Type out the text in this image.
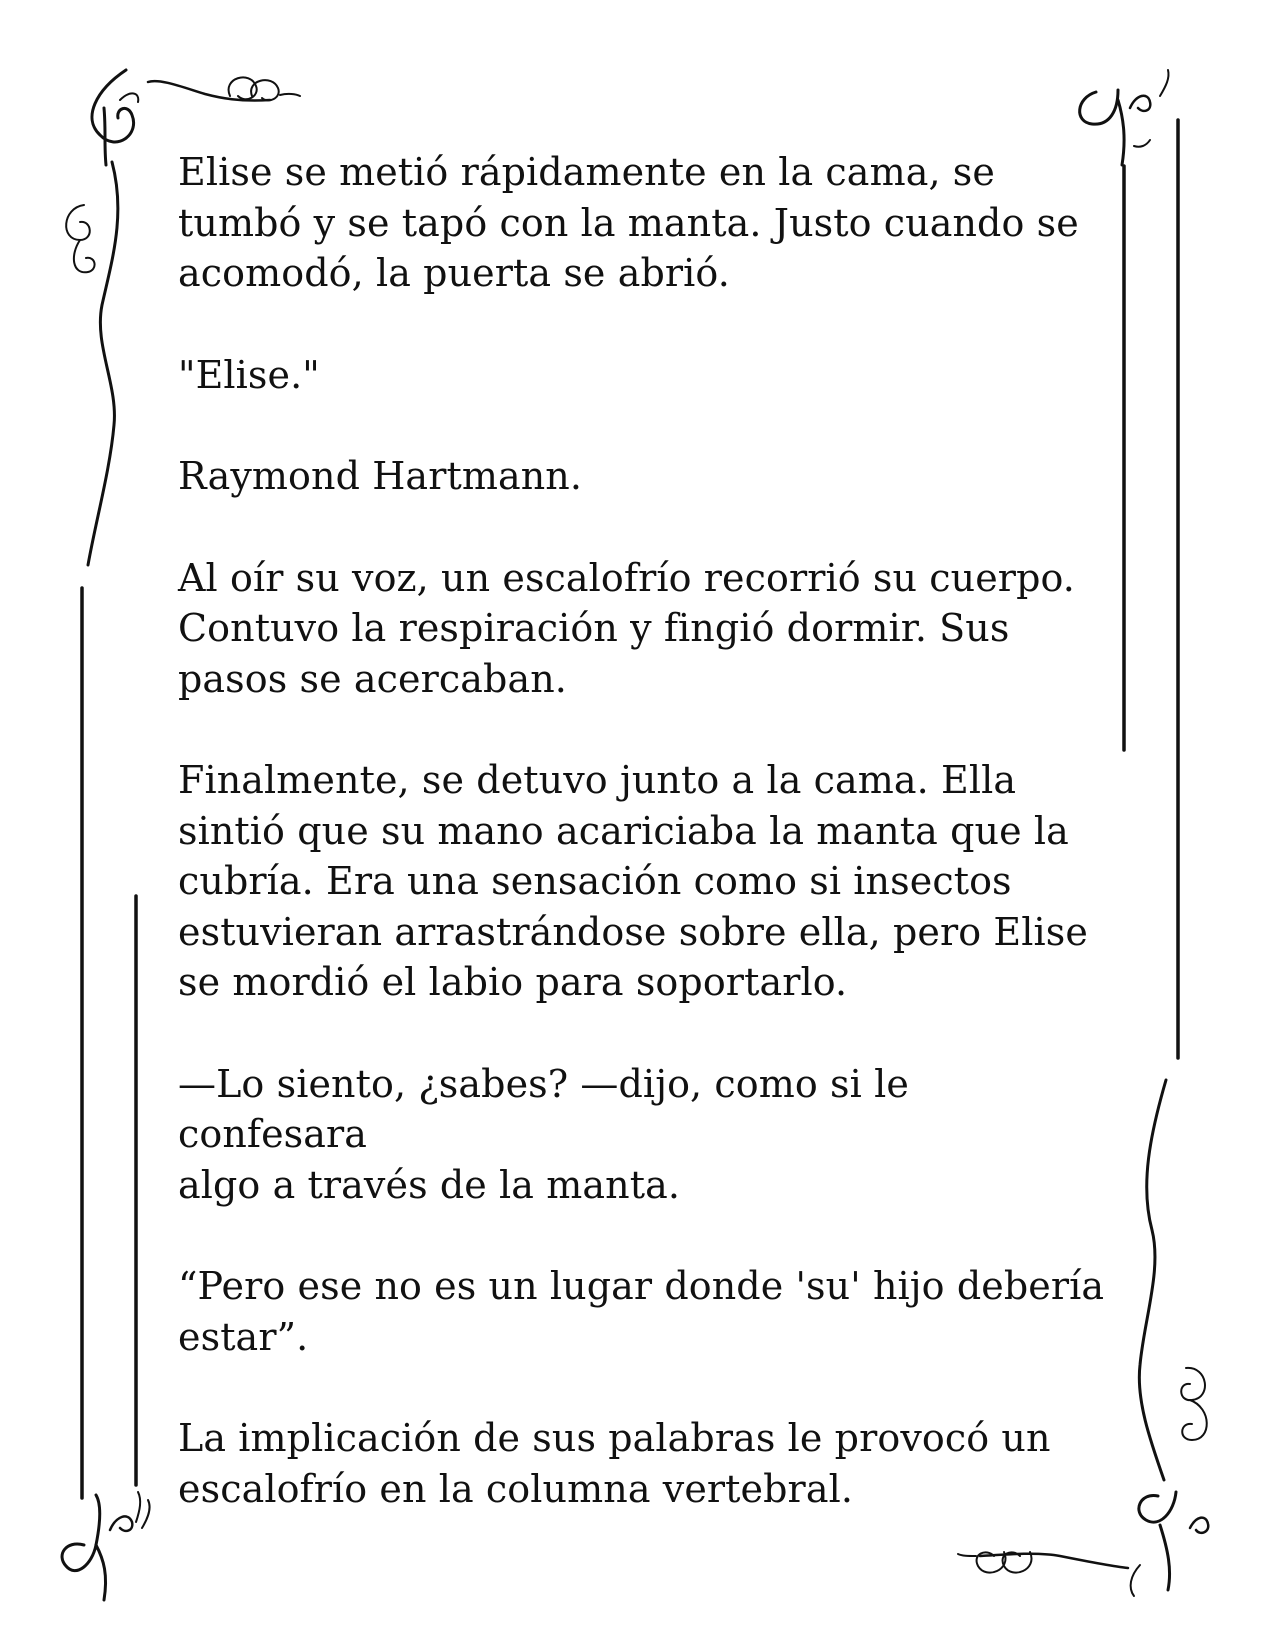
Elise se metió rápidamente en la cama, se
tumbó y se tapó con la manta. Justo cuando se
acomodó, la puerta se abrió.

"Elise."

Raymond Hartmann.

Al oír su voz, un escalofrío recorrió su cuerpo.
Contuvo la respiración y fingió dormir. Sus
pasos se acercaban.

Finalmente, se detuvo junto a la cama. Ella
sintió que su mano acariciaba la manta que la
cubría. Era una sensación como si insectos
estuvieran arrastrándose sobre ella, pero Elise
se mordió el labio para soportarlo.

—Lo siento, ¿sabes? —dijo, como si le confesara
algo a través de la manta.

“Pero ese no es un lugar donde 'su' hijo debería
estar”.

La implicación de sus palabras le provocó un
escalofrío en la columna vertebral.
